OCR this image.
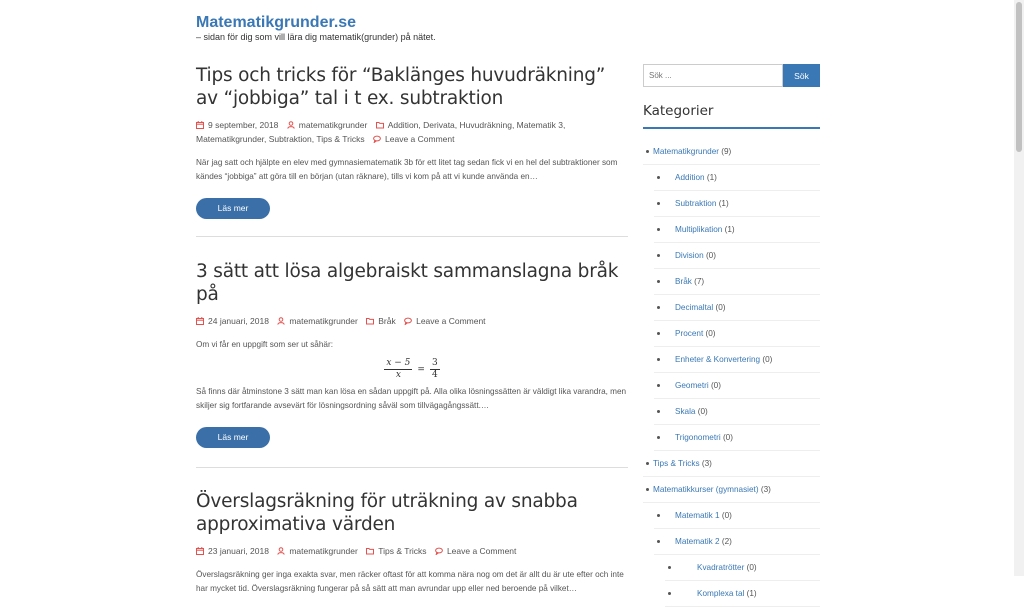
Matematikgrunder.se
– sidan för dig som vill lära dig matematik(grunder) på nätet.
Tips och tricks för “Baklänges huvudräkning” av “jobbiga” tal i t ex. subtraktion
9 september, 2018 matematikgrunder Addition, Derivata, Huvudräkning, Matematik 3, Matematikgrunder, Subtraktion, Tips & Tricks Leave a Comment
När jag satt och hjälpte en elev med gymnasiematematik 3b för ett litet tag sedan fick vi en hel del subtraktioner som kändes “jobbiga” att göra till en början (utan räknare), tills vi kom på att vi kunde använda en…
Läs mer
3 sätt att lösa algebraiskt sammanslagna bråk på
24 januari, 2018 matematikgrunder Bråk Leave a Comment
Om vi får en uppgift som ser ut såhär:
$\frac{x - 5}{x} = \frac{3}{4}$
Så finns där åtminstone 3 sätt man kan lösa en sådan uppgift på. Alla olika lösningssätten är väldigt lika varandra, men skiljer sig fortfarande avsevärt för lösningsordning såväl som tillvägagångssätt.…
Läs mer
Överslagsräkning för uträkning av snabba approximativa värden
23 januari, 2018 matematikgrunder Tips & Tricks Leave a Comment
Överslagsräkning ger inga exakta svar, men räcker oftast för att komma nära nog om det är allt du är ute efter och inte har mycket tid. Överslagsräkning fungerar på så sätt att man avrundar upp eller ned beroende på vilket…
Sök ...
Sök
Kategorier
Matematikgrunder (9)
Addition (1)
Subtraktion (1)
Multiplikation (1)
Division (0)
Bråk (7)
Decimaltal (0)
Procent (0)
Enheter & Konvertering (0)
Geometri (0)
Skala (0)
Trigonometri (0)
Tips & Tricks (3)
Matematikkurser (gymnasiet) (3)
Matematik 1 (0)
Matematik 2 (2)
Kvadratrötter (0)
Komplexa tal (1)
